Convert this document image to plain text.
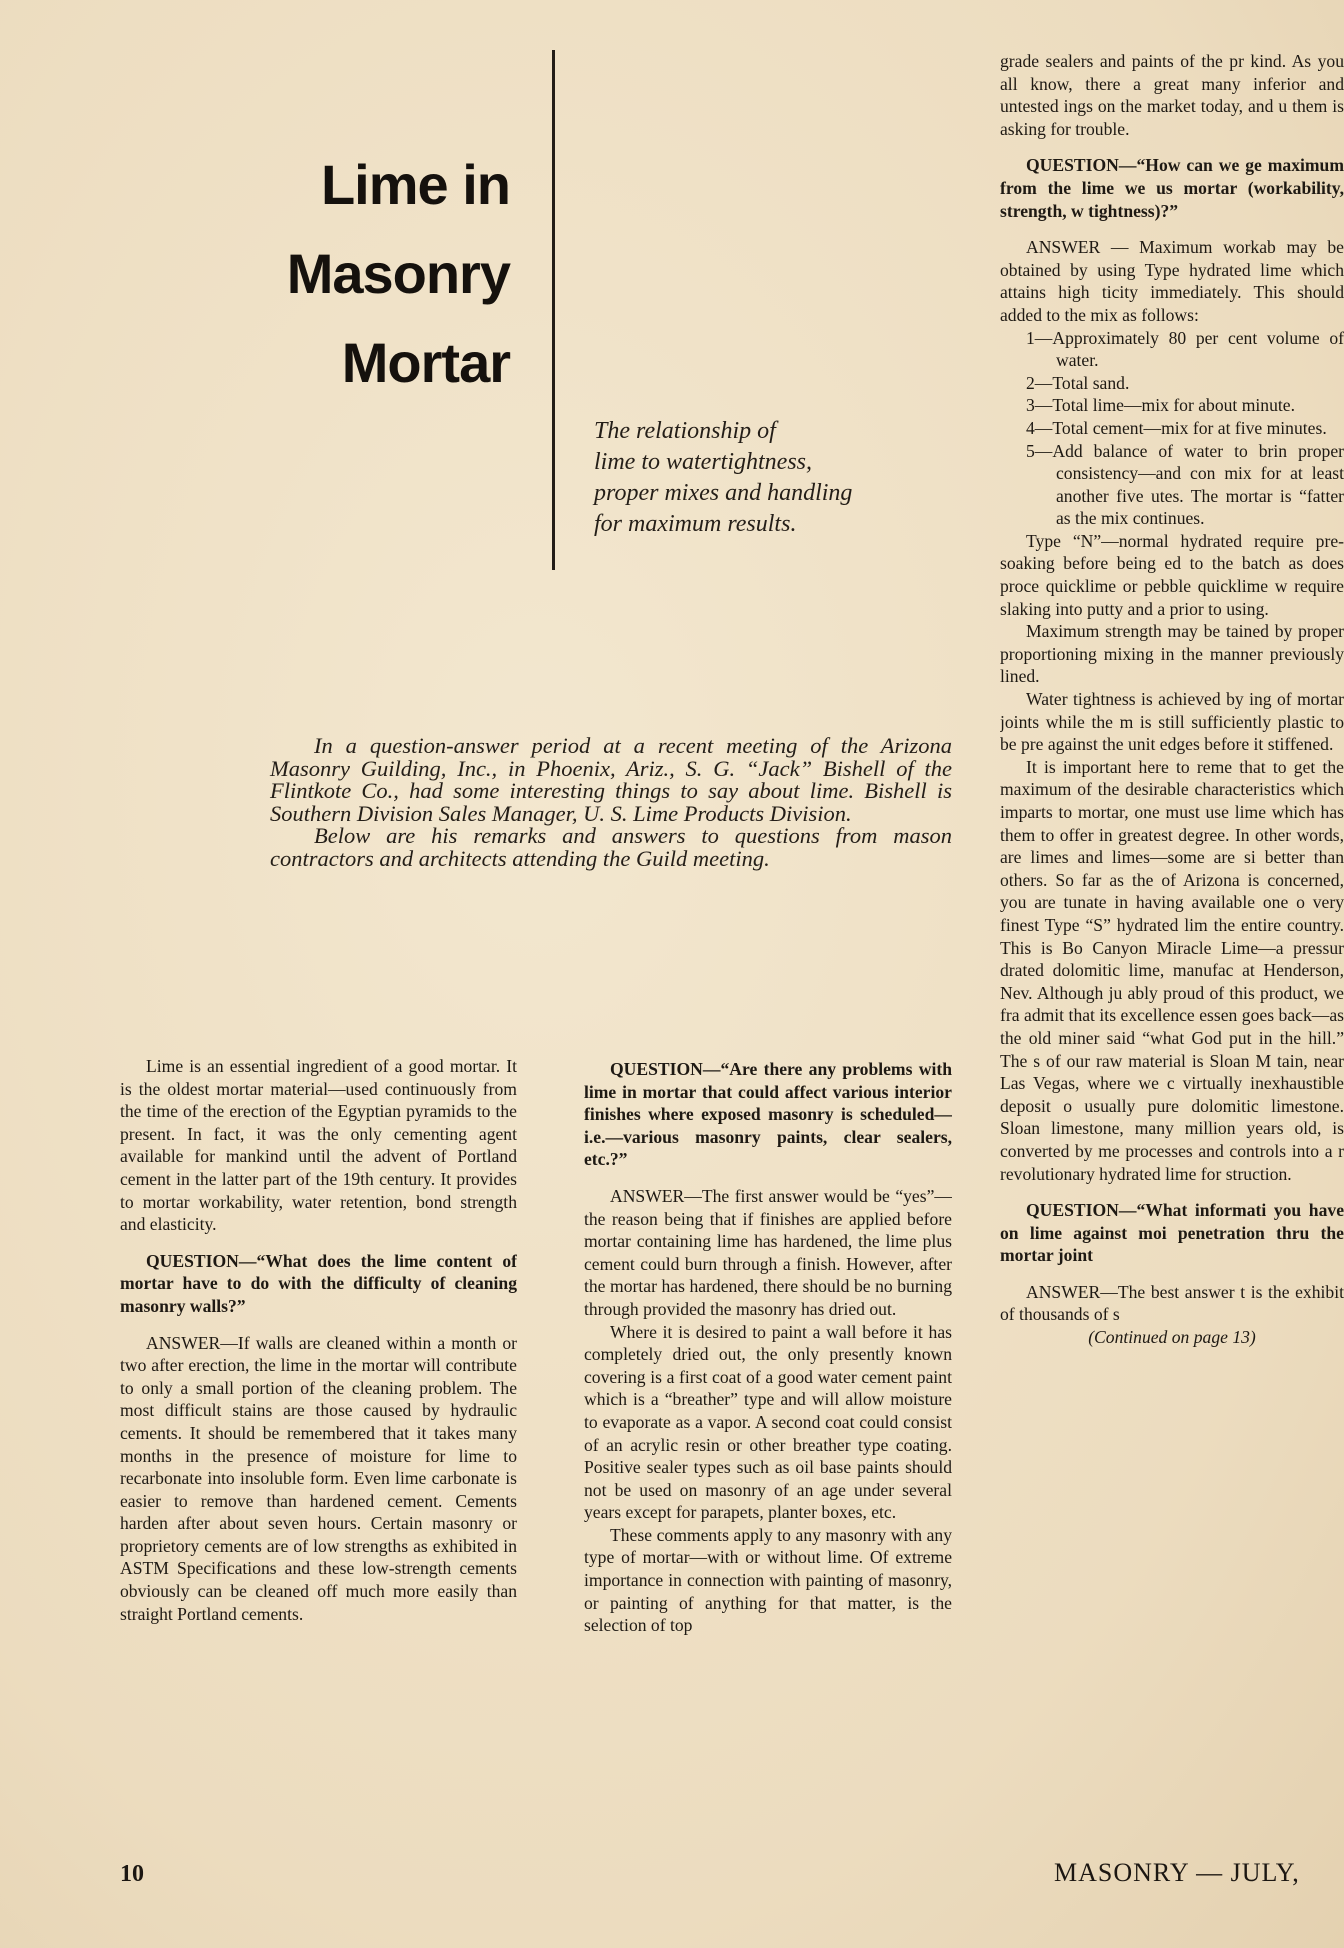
Lime in
Masonry
Mortar
The relationship of
lime to watertightness,
proper mixes and handling
for maximum results.

In a question-answer period at a recent meeting of the Arizona Masonry Guilding, Inc., in Phoenix, Ariz., S. G. “Jack” Bishell of the Flintkote Co., had some interesting things to say about lime. Bishell is Southern Division Sales Manager, U. S. Lime Products Division.

Below are his remarks and answers to questions from mason contractors and architects attending the Guild meeting.

Lime is an essential ingredient of a good mortar. It is the oldest mortar material—used continuously from the time of the erection of the Egyptian pyramids to the present. In fact, it was the only cementing agent available for mankind until the advent of Portland cement in the latter part of the 19th century. It provides to mortar workability, water retention, bond strength and elasticity.

QUESTION—“What does the lime content of mortar have to do with the difficulty of cleaning masonry walls?”

ANSWER—If walls are cleaned within a month or two after erection, the lime in the mortar will contribute to only a small portion of the cleaning problem. The most difficult stains are those caused by hydraulic cements. It should be remembered that it takes many months in the presence of moisture for lime to recarbonate into insoluble form. Even lime carbonate is easier to remove than hardened cement. Cements harden after about seven hours. Certain masonry or proprietory cements are of low strengths as exhibited in ASTM Specifications and these low-strength cements obviously can be cleaned off much more easily than straight Portland cements.

QUESTION—“Are there any problems with lime in mortar that could affect various interior finishes where exposed masonry is scheduled—i.e.—various masonry paints, clear sealers, etc.?”

ANSWER—The first answer would be “yes”—the reason being that if finishes are applied before mortar containing lime has hardened, the lime plus cement could burn through a finish. However, after the mortar has hardened, there should be no burning through provided the masonry has dried out.

Where it is desired to paint a wall before it has completely dried out, the only presently known covering is a first coat of a good water cement paint which is a “breather” type and will allow moisture to evaporate as a vapor. A second coat could consist of an acrylic resin or other breather type coating. Positive sealer types such as oil base paints should not be used on masonry of an age under several years except for parapets, planter boxes, etc.

These comments apply to any masonry with any type of mortar—with or without lime. Of extreme importance in connection with painting of masonry, or painting of anything for that matter, is the selection of top

grade sealers and paints of the pr kind. As you all know, there a great many inferior and untested ings on the market today, and u them is asking for trouble.

QUESTION—“How can we ge maximum from the lime we us mortar (workability, strength, w tightness)?”

ANSWER — Maximum workab may be obtained by using Type hydrated lime which attains high ticity immediately. This should added to the mix as follows:

1—Approximately 80 per cent volume of water.

2—Total sand.

3—Total lime—mix for about minute.

4—Total cement—mix for at five minutes.

5—Add balance of water to brin proper consistency—and con mix for at least another five utes. The mortar is “fatter as the mix continues.

Type “N”—normal hydrated require pre-soaking before being ed to the batch as does proce quicklime or pebble quicklime w require slaking into putty and a prior to using.

Maximum strength may be tained by proper proportioning mixing in the manner previously lined.

Water tightness is achieved by ing of mortar joints while the m is still sufficiently plastic to be pre against the unit edges before it stiffened.

It is important here to reme that to get the maximum of the desirable characteristics which imparts to mortar, one must use lime which has them to offer in greatest degree. In other words, are limes and limes—some are si better than others. So far as the of Arizona is concerned, you are tunate in having available one o very finest Type “S” hydrated lim the entire country. This is Bo Canyon Miracle Lime—a pressur drated dolomitic lime, manufac at Henderson, Nev. Although ju ably proud of this product, we fra admit that its excellence essen goes back—as the old miner said “what God put in the hill.” The s of our raw material is Sloan M tain, near Las Vegas, where we c virtually inexhaustible deposit o usually pure dolomitic limestone. Sloan limestone, many million years old, is converted by me processes and controls into a r revolutionary hydrated lime for struction.

QUESTION—“What informati you have on lime against moi penetration thru the mortar joint

ANSWER—The best answer t is the exhibit of thousands of s

(Continued on page 13)

10	MASONRY — JULY,
